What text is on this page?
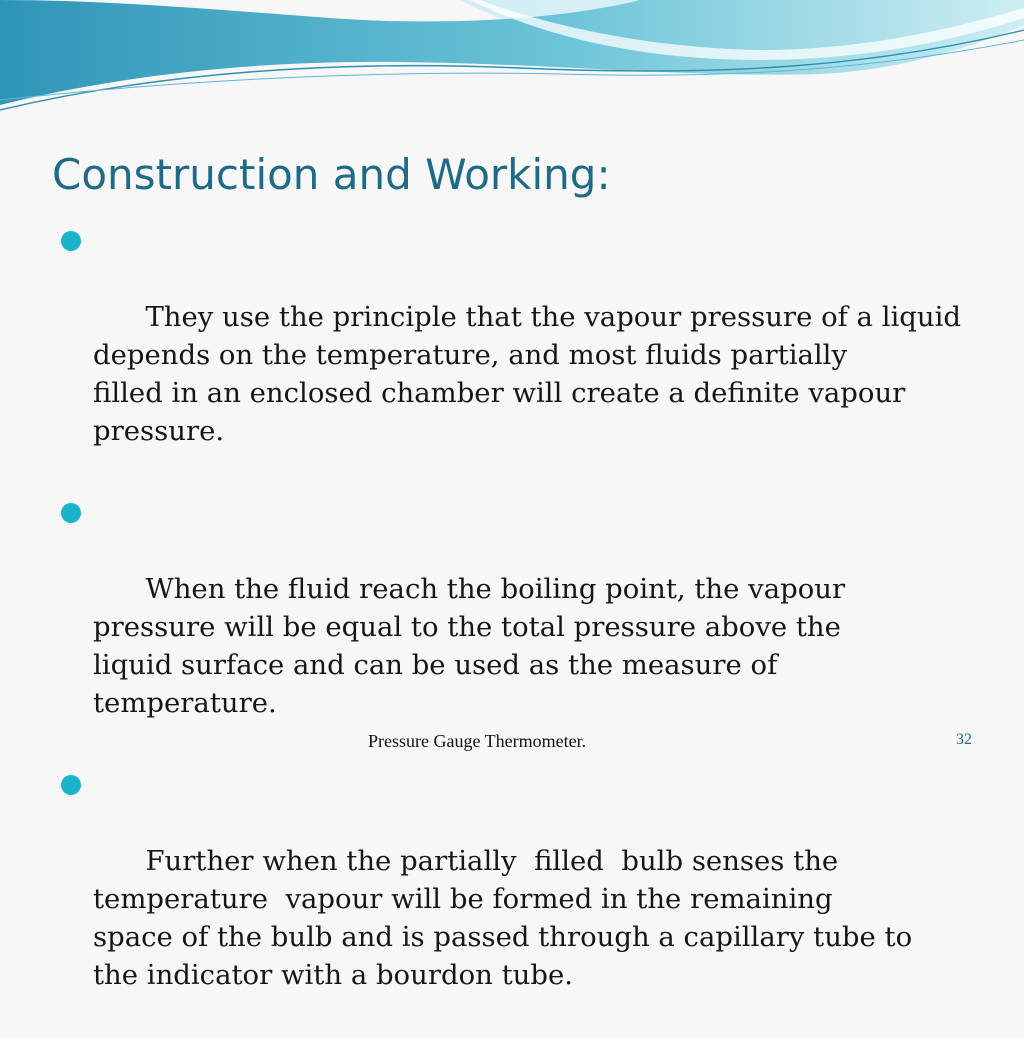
Construction and Working:

They use the principle that the vapour pressure of a liquid
depends on the temperature, and most fluids partially
filled in an enclosed chamber will create a definite vapour
pressure.

When the fluid reach the boiling point, the vapour
pressure will be equal to the total pressure above the
liquid surface and can be used as the measure of
temperature.

Further when the partially  filled  bulb senses the
temperature  vapour will be formed in the remaining
space of the bulb and is passed through a capillary tube to
the indicator with a bourdon tube.

Pressure Gauge Thermometer.	32
